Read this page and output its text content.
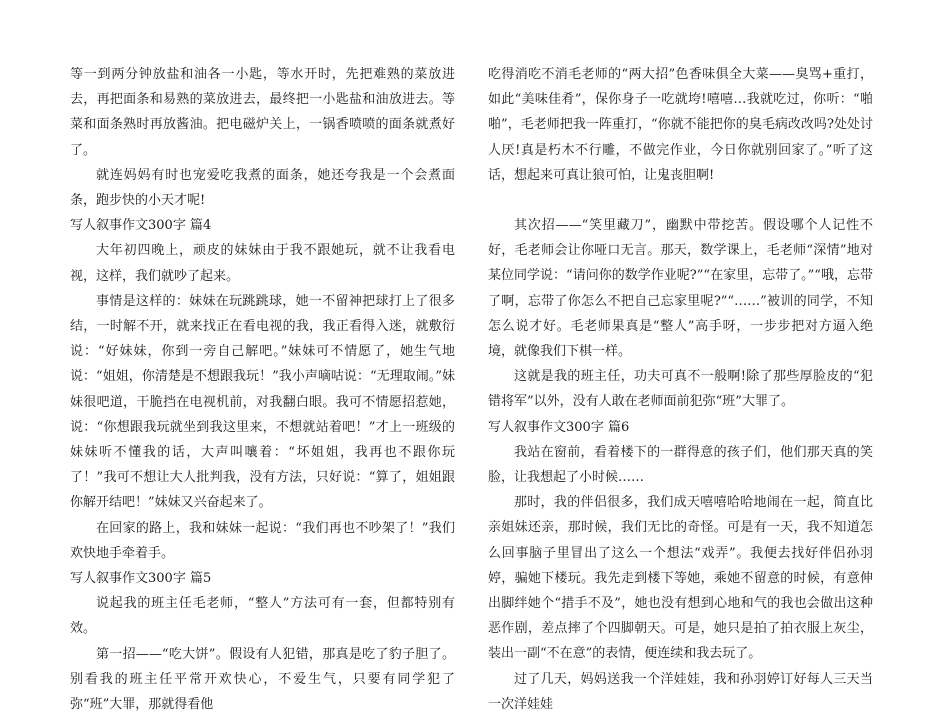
等一到两分钟放盐和油各一小匙，等水开时，先把难熟的菜放进去，再把面条和易熟的菜放进去，最终把一小匙盐和油放进去。等菜和面条熟时再放酱油。把电磁炉关上，一锅香喷喷的面条就煮好了。

就连妈妈有时也宠爱吃我煮的面条，她还夸我是一个会煮面条，跑步快的小天才呢!

写人叙事作文300字 篇4

大年初四晚上，顽皮的妹妹由于我不跟她玩，就不让我看电视，这样，我们就吵了起来。

事情是这样的：妹妹在玩跳跳球，她一不留神把球打上了很多结，一时解不开，就来找正在看电视的我，我正看得入迷，就敷衍说：“好妹妹，你到一旁自己解吧。”妹妹可不情愿了，她生气地说：“姐姐，你清楚是不想跟我玩！”我小声嘀咕说：“无理取闹。”妹妹很吧道，干脆挡在电视机前，对我翻白眼。我可不情愿招惹她，说：“你想跟我玩就坐到我这里来，不想就站着吧！”才上一班级的妹妹听不懂我的话，大声叫嚷着：“坏姐姐，我再也不跟你玩了！”我可不想让大人批判我，没有方法，只好说：“算了，姐姐跟你解开结吧！”妹妹又兴奋起来了。

在回家的路上，我和妹妹一起说：“我们再也不吵架了！”我们欢快地手牵着手。

写人叙事作文300字 篇5

说起我的班主任毛老师，“整人”方法可有一套，但都特别有效。

第一招——“吃大饼”。假设有人犯错，那真是吃了豹子胆了。别看我的班主任平常开欢快心，不爱生气，只要有同学犯了弥“班”大罪，那就得看他

吃得消吃不消毛老师的“两大招”色香味俱全大菜——臭骂+重打，如此“美味佳肴”，保你身子一吃就垮!嘻嘻…我就吃过，你听：“啪啪”，毛老师把我一阵重打，“你就不能把你的臭毛病改改吗?处处讨人厌!真是朽木不行雕，不做完作业，今日你就别回家了。”听了这话，想起来可真让狼可怕，让鬼丧胆啊!

其次招——“笑里藏刀”，幽默中带挖苦。假设哪个人记性不好，毛老师会让你哑口无言。那天，数学课上，毛老师“深情”地对某位同学说：“请问你的数学作业呢?”“在家里，忘带了。”“哦，忘带了啊，忘带了你怎么不把自己忘家里呢?”“……”被训的同学，不知怎么说才好。毛老师果真是“整人”高手呀，一步步把对方逼入绝境，就像我们下棋一样。

这就是我的班主任，功夫可真不一般啊!除了那些厚脸皮的“犯错将军”以外，没有人敢在老师面前犯弥“班”大罪了。

写人叙事作文300字 篇6

我站在窗前，看着楼下的一群得意的孩子们，他们那天真的笑脸，让我想起了小时候……

那时，我的伴侣很多，我们成天嘻嘻哈哈地闹在一起，简直比亲姐妹还亲，那时候，我们无比的奇怪。可是有一天，我不知道怎么回事脑子里冒出了这么一个想法“戏弄”。我便去找好伴侣孙羽婷，骗她下楼玩。我先走到楼下等她，乘她不留意的时候，有意伸出脚绊她个“措手不及”，她也没有想到心地和气的我也会做出这种恶作剧，差点摔了个四脚朝天。可是，她只是拍了拍衣服上灰尘，装出一副“不在意”的表情，便连续和我去玩了。

过了几天，妈妈送我一个洋娃娃，我和孙羽婷订好每人三天当一次洋娃娃
